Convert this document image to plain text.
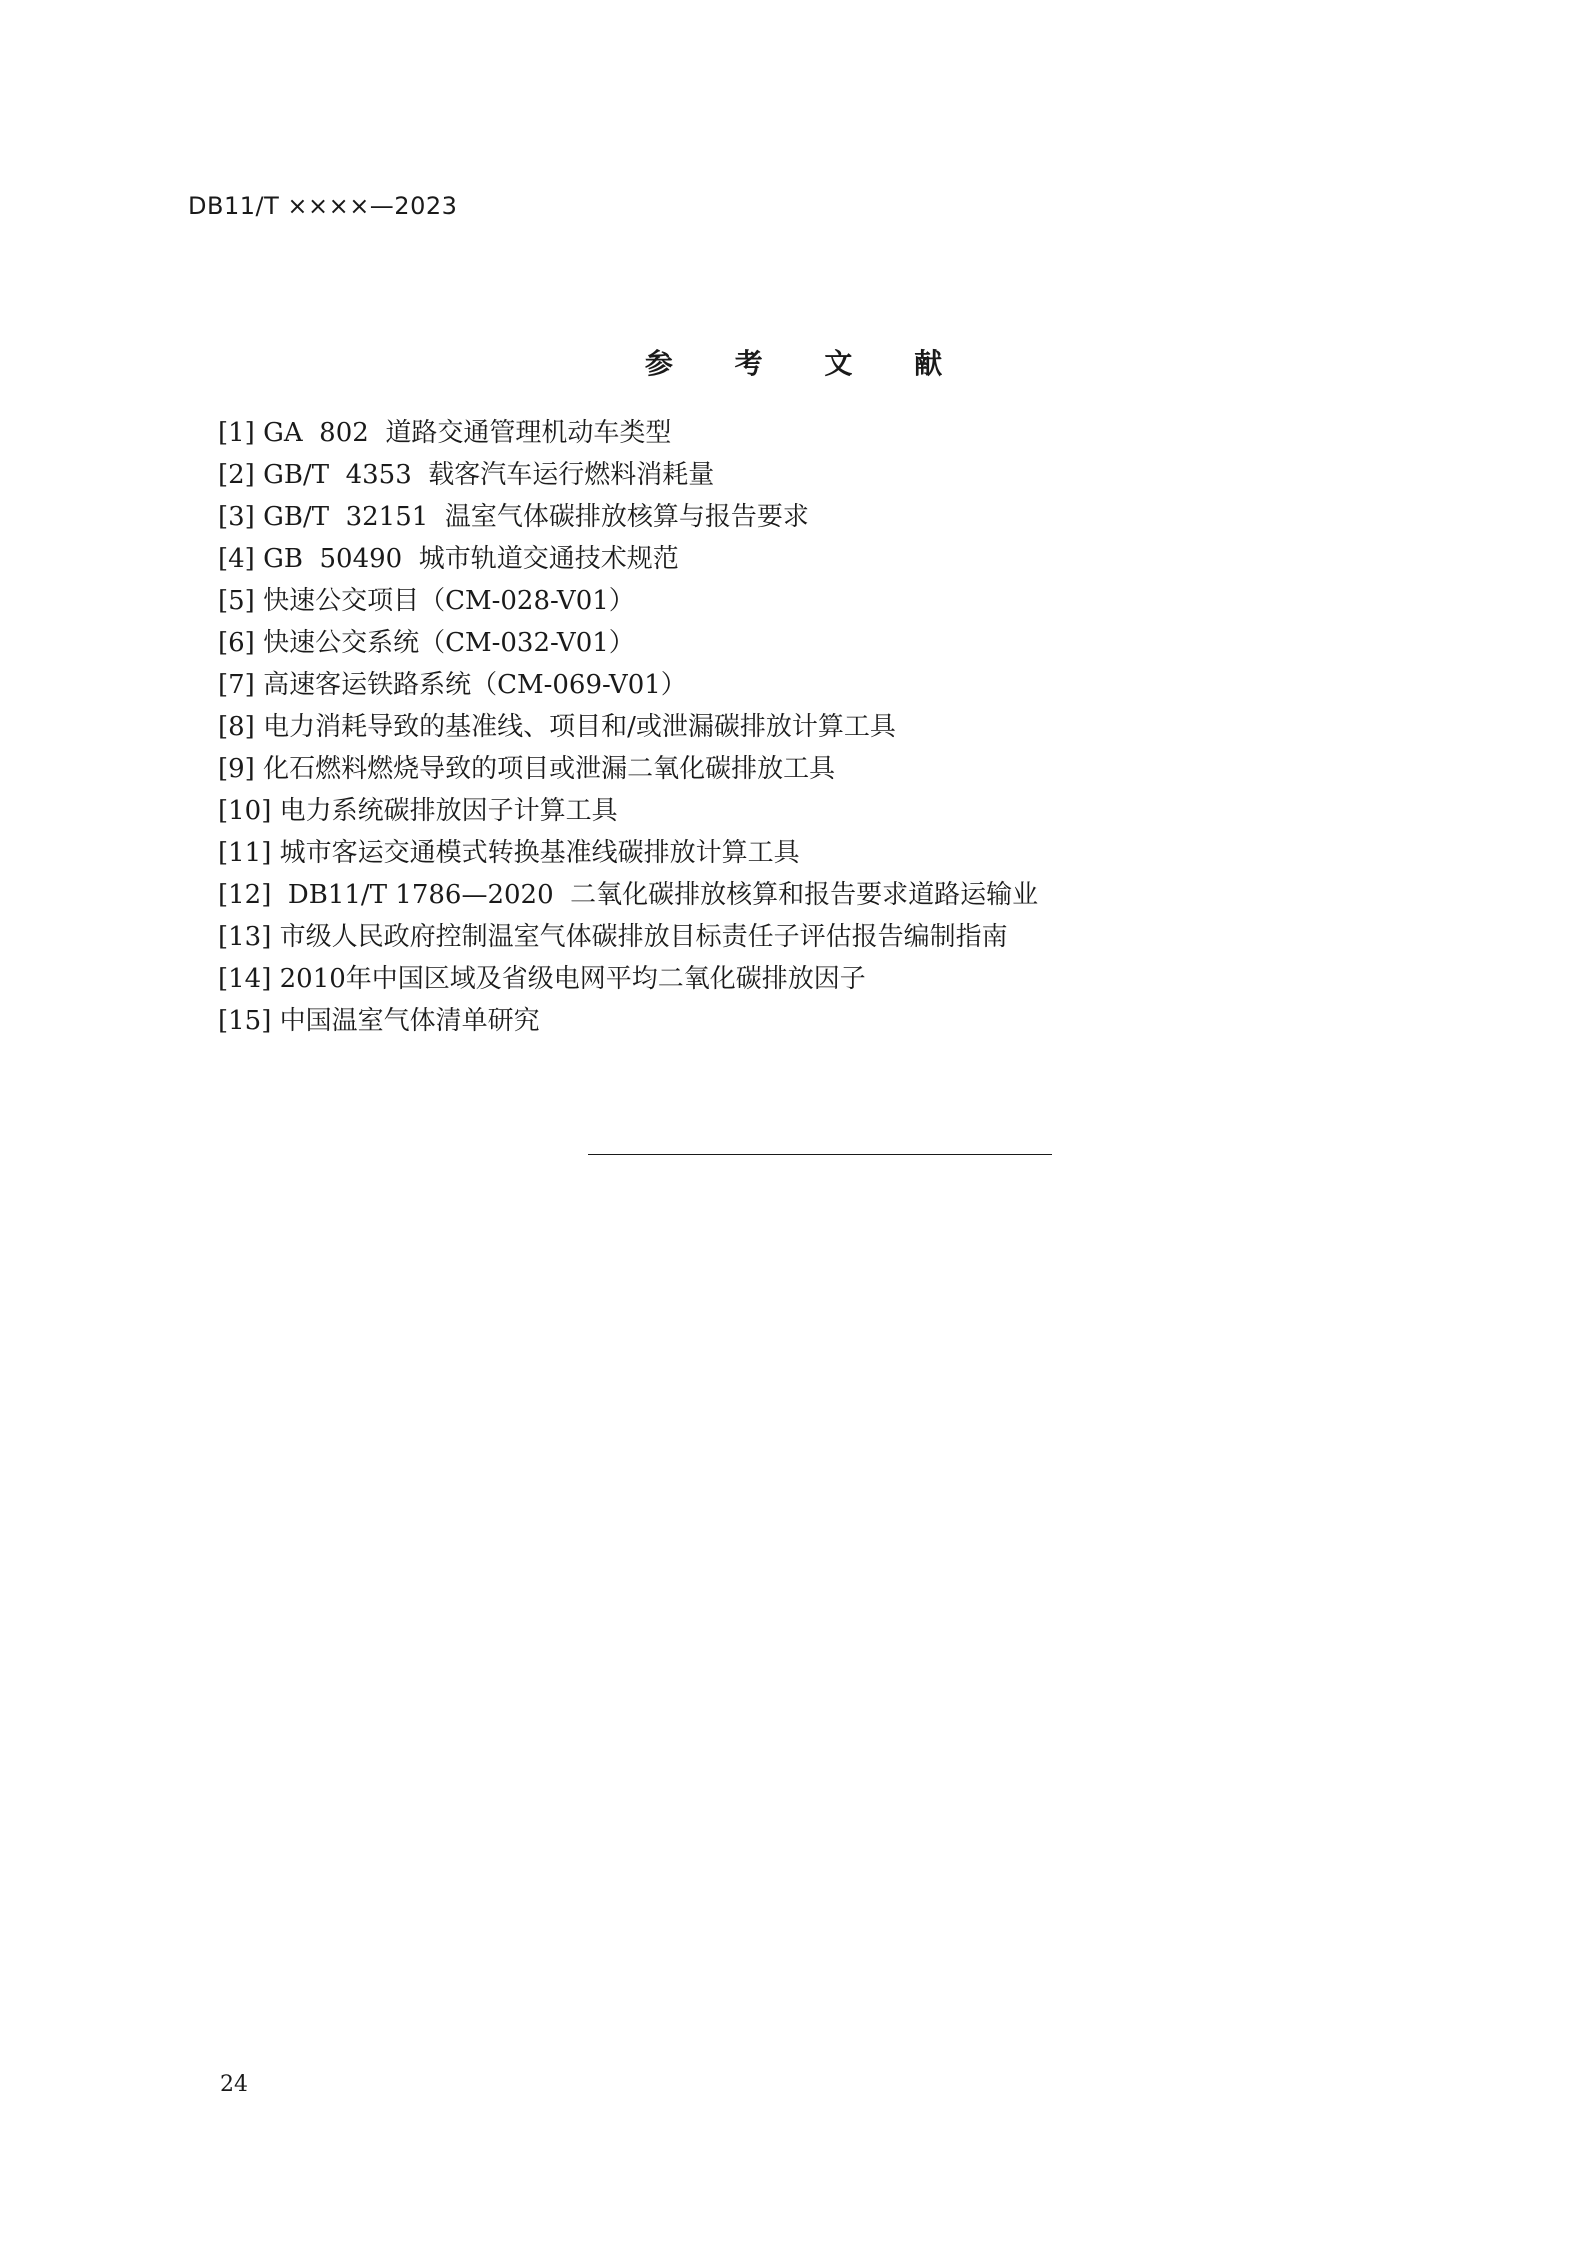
DB11/T ××××—2023
参 考 文 献
[1] GA  802  道路交通管理机动车类型
[2] GB/T  4353  载客汽车运行燃料消耗量
[3] GB/T  32151  温室气体碳排放核算与报告要求
[4] GB  50490  城市轨道交通技术规范
[5] 快速公交项目（CM-028-V01）
[6] 快速公交系统（CM-032-V01）
[7] 高速客运铁路系统（CM-069-V01）
[8] 电力消耗导致的基准线、项目和/或泄漏碳排放计算工具
[9] 化石燃料燃烧导致的项目或泄漏二氧化碳排放工具
[10] 电力系统碳排放因子计算工具
[11] 城市客运交通模式转换基准线碳排放计算工具
[12]  DB11/T 1786—2020  二氧化碳排放核算和报告要求道路运输业
[13] 市级人民政府控制温室气体碳排放目标责任子评估报告编制指南
[14] 2010年中国区域及省级电网平均二氧化碳排放因子
[15] 中国温室气体清单研究
24
